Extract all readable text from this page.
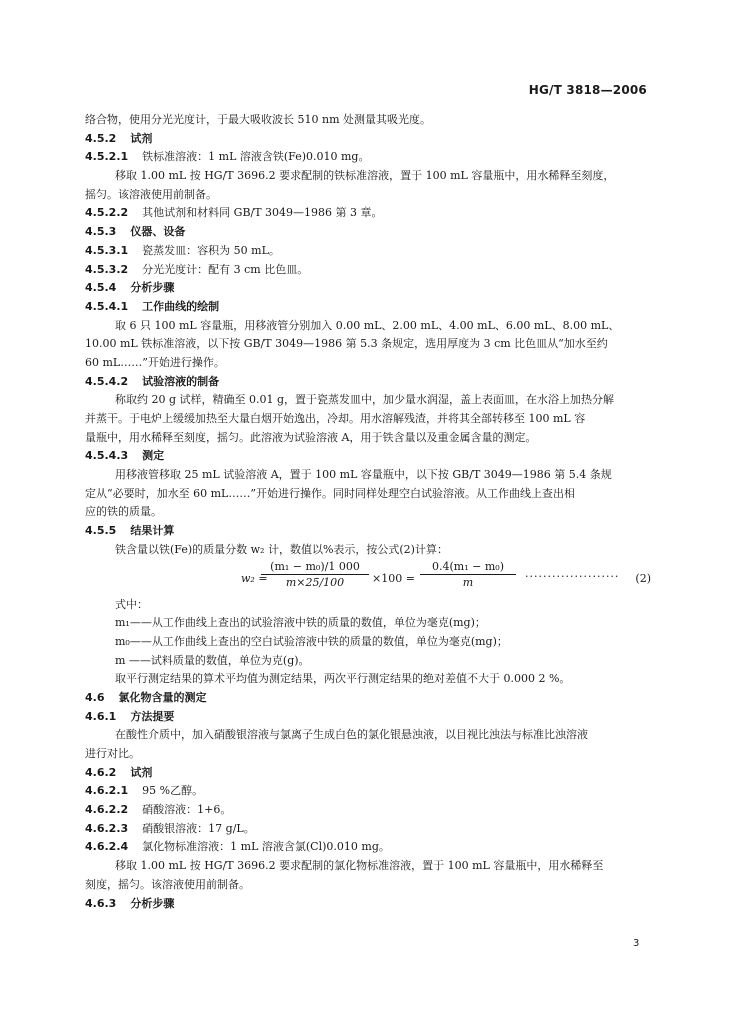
HG/T 3818—2006
络合物，使用分光光度计，于最大吸收波长 510 nm 处测量其吸光度。
4.5.2 试剂
4.5.2.1 铁标准溶液：1 mL 溶液含铁(Fe)0.010 mg。
移取 1.00 mL 按 HG/T 3696.2 要求配制的铁标准溶液，置于 100 mL 容量瓶中，用水稀释至刻度，
摇匀。该溶液使用前制备。
4.5.2.2 其他试剂和材料同 GB/T 3049—1986 第 3 章。
4.5.3 仪器、设备
4.5.3.1 瓷蒸发皿：容积为 50 mL。
4.5.3.2 分光光度计：配有 3 cm 比色皿。
4.5.4 分析步骤
4.5.4.1 工作曲线的绘制
取 6 只 100 mL 容量瓶，用移液管分别加入 0.00 mL、2.00 mL、4.00 mL、6.00 mL、8.00 mL、
10.00 mL 铁标准溶液，以下按 GB/T 3049—1986 第 5.3 条规定，选用厚度为 3 cm 比色皿从“加水至约
60 mL……”开始进行操作。
4.5.4.2 试验溶液的制备
称取约 20 g 试样，精确至 0.01 g，置于瓷蒸发皿中，加少量水润湿，盖上表面皿，在水浴上加热分解
并蒸干。于电炉上缓缓加热至大量白烟开始逸出，冷却。用水溶解残渣，并将其全部转移至 100 mL 容
量瓶中，用水稀释至刻度，摇匀。此溶液为试验溶液 A，用于铁含量以及重金属含量的测定。
4.5.4.3 测定
用移液管移取 25 mL 试验溶液 A，置于 100 mL 容量瓶中，以下按 GB/T 3049—1986 第 5.4 条规
定从“必要时，加水至 60 mL……”开始进行操作。同时同样处理空白试验溶液。从工作曲线上查出相
应的铁的质量。
4.5.5 结果计算
铁含量以铁(Fe)的质量分数 w₂ 计，数值以%表示，按公式(2)计算：
w₂ =
$\frac{\text{(m₁ − m₀)/1 000}}{m\times 25/100} \times 100 = \frac{\text{0.4(m₁ − m₀)}}{m}$ ····················· (2)
式中：
m₁——从工作曲线上查出的试验溶液中铁的质量的数值，单位为毫克(mg)；
m₀——从工作曲线上查出的空白试验溶液中铁的质量的数值，单位为毫克(mg)；
m ——试料质量的数值，单位为克(g)。
取平行测定结果的算术平均值为测定结果，两次平行测定结果的绝对差值不大于 0.000 2 %。
4.6 氯化物含量的测定
4.6.1 方法提要
在酸性介质中，加入硝酸银溶液与氯离子生成白色的氯化银悬浊液，以目视比浊法与标准比浊溶液
进行对比。
4.6.2 试剂
4.6.2.1 95 %乙醇。
4.6.2.2 硝酸溶液：1+6。
4.6.2.3 硝酸银溶液：17 g/L。
4.6.2.4 氯化物标准溶液：1 mL 溶液含氯(Cl)0.010 mg。
移取 1.00 mL 按 HG/T 3696.2 要求配制的氯化物标准溶液，置于 100 mL 容量瓶中，用水稀释至
刻度，摇匀。该溶液使用前制备。
4.6.3 分析步骤
3
